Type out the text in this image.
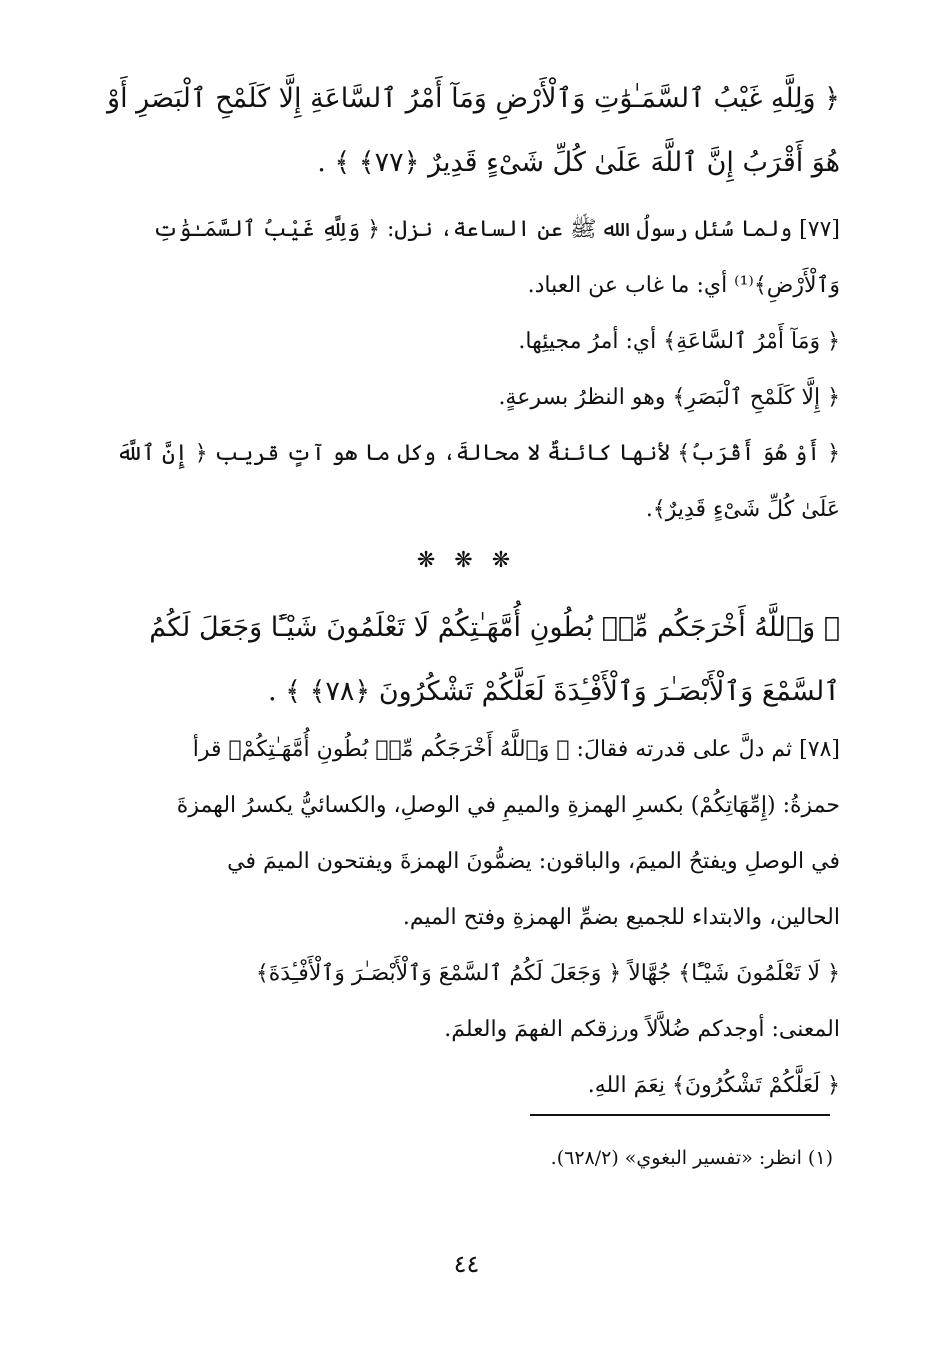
﴿ وَلِلَّهِ غَيْبُ ٱلسَّمَـٰوَٰتِ وَٱلْأَرْضِ وَمَآ أَمْرُ ٱلسَّاعَةِ إِلَّا كَلَمْحِ ٱلْبَصَرِ أَوْ
هُوَ أَقْرَبُ إِنَّ ٱللَّهَ عَلَىٰ كُلِّ شَىْءٍ قَدِيرٌ ﴿٧٧﴾ ﴾ .
[٧٧] ولما سُئل رسولُ الله ﷺ عن الساعة، نزل: ﴿ وَلِلَّهِ غَيْبُ ٱلسَّمَـٰوَٰتِ
وَٱلْأَرْضِ﴾⁽¹⁾ أي: ما غاب عن العباد.
﴿ وَمَآ أَمْرُ ٱلسَّاعَةِ﴾ أي: أمرُ مجيئِها.
﴿ إِلَّا كَلَمْحِ ٱلْبَصَرِ﴾ وهو النظرُ بسرعةٍ.
﴿ أَوْ هُوَ أَقْرَبُ﴾ لأنها كائنةٌ لا محالةَ، وكل ما هو آتٍ قريب ﴿ إِنَّ ٱللَّهَ
عَلَىٰ كُلِّ شَىْءٍ قَدِيرٌ﴾.
❋ ❋ ❋
﴿ وَٱللَّهُ أَخْرَجَكُم مِّنۢ بُطُونِ أُمَّهَـٰتِكُمْ لَا تَعْلَمُونَ شَيْـًٔا وَجَعَلَ لَكُمُ
ٱلسَّمْعَ وَٱلْأَبْصَـٰرَ وَٱلْأَفْـِٔدَةَ لَعَلَّكُمْ تَشْكُرُونَ ﴿٧٨﴾ ﴾ .
[٧٨] ثم دلَّ على قدرته فقالَ: ﴿ وَٱللَّهُ أَخْرَجَكُم مِّنۢ بُطُونِ أُمَّهَـٰتِكُمْ﴾ قرأ
حمزةُ: (إِمِّهَاتِكُمْ) بكسرِ الهمزةِ والميمِ في الوصلِ، والكسائيُّ يكسرُ الهمزةَ
في الوصلِ ويفتحُ الميمَ، والباقون: يضمُّونَ الهمزةَ ويفتحون الميمَ في
الحالين، والابتداء للجميع بضمِّ الهمزةِ وفتح الميم.
﴿ لَا تَعْلَمُونَ شَيْـًٔا﴾ جُهَّالاً ﴿ وَجَعَلَ لَكُمُ ٱلسَّمْعَ وَٱلْأَبْصَـٰرَ وَٱلْأَفْـِٔدَةَ﴾
المعنى: أوجدكم ضُلاَّلاً ورزقكم الفهمَ والعلمَ.
﴿ لَعَلَّكُمْ تَشْكُرُونَ﴾ نِعَمَ اللهِ.
(١) انظر: «تفسير البغوي» (٦٢٨/٢).
٤٤
